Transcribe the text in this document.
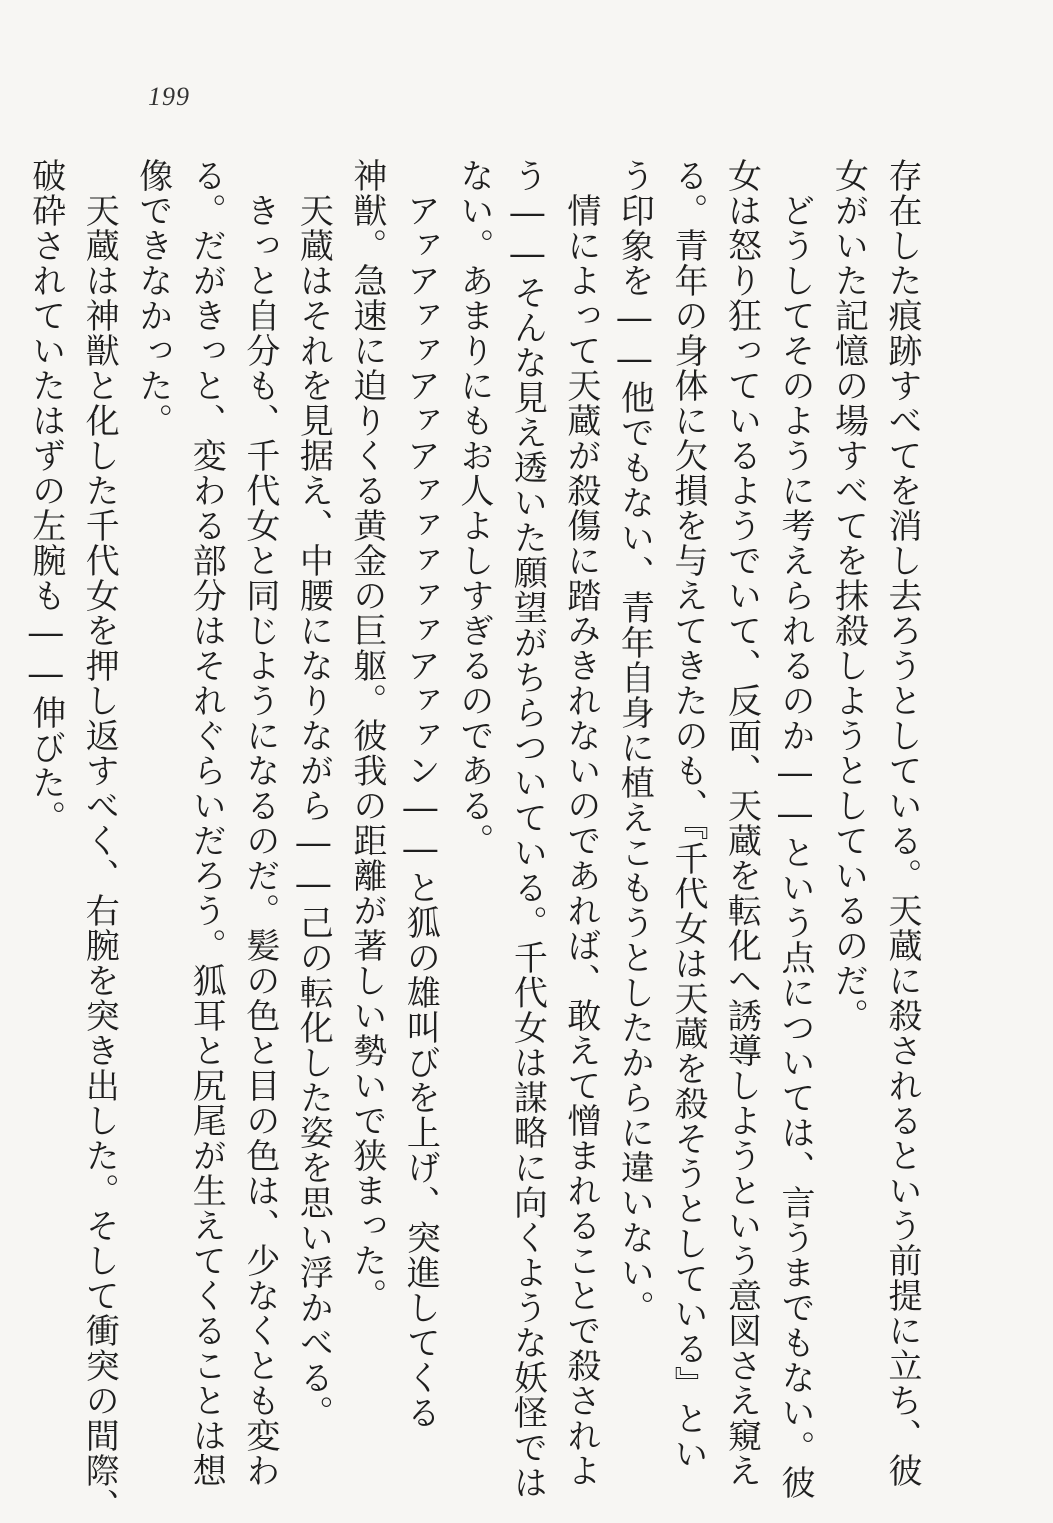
199
存在した痕跡すべてを消し去ろうとしている。天蔵に殺されるという前提に立ち、彼
女がいた記憶の場すべてを抹殺しようとしているのだ。
　どうしてそのように考えられるのか――という点については、言うまでもない。彼
女は怒り狂っているようでいて、反面、天蔵を転化へ誘導しようという意図さえ窺え
る。青年の身体に欠損を与えてきたのも、『千代女は天蔵を殺そうとしている』とい
う印象を――他でもない、青年自身に植えこもうとしたからに違いない。
　情によって天蔵が殺傷に踏みきれないのであれば、敢えて憎まれることで殺されよ
う――そんな見え透いた願望がちらついている。千代女は謀略に向くような妖怪では
ない。あまりにもお人よしすぎるのである。
　アァアァァアァアァァァァァアァァン――と狐の雄叫びを上げ、突進してくる
神獣。急速に迫りくる黄金の巨躯。彼我の距離が著しい勢いで狭まった。
　天蔵はそれを見据え、中腰になりながら――己の転化した姿を思い浮かべる。
　きっと自分も、千代女と同じようになるのだ。髪の色と目の色は、少なくとも変わ
る。だがきっと、変わる部分はそれぐらいだろう。狐耳と尻尾が生えてくることは想
像できなかった。
　天蔵は神獣と化した千代女を押し返すべく、右腕を突き出した。そして衝突の間際、
破砕されていたはずの左腕も――伸びた。
